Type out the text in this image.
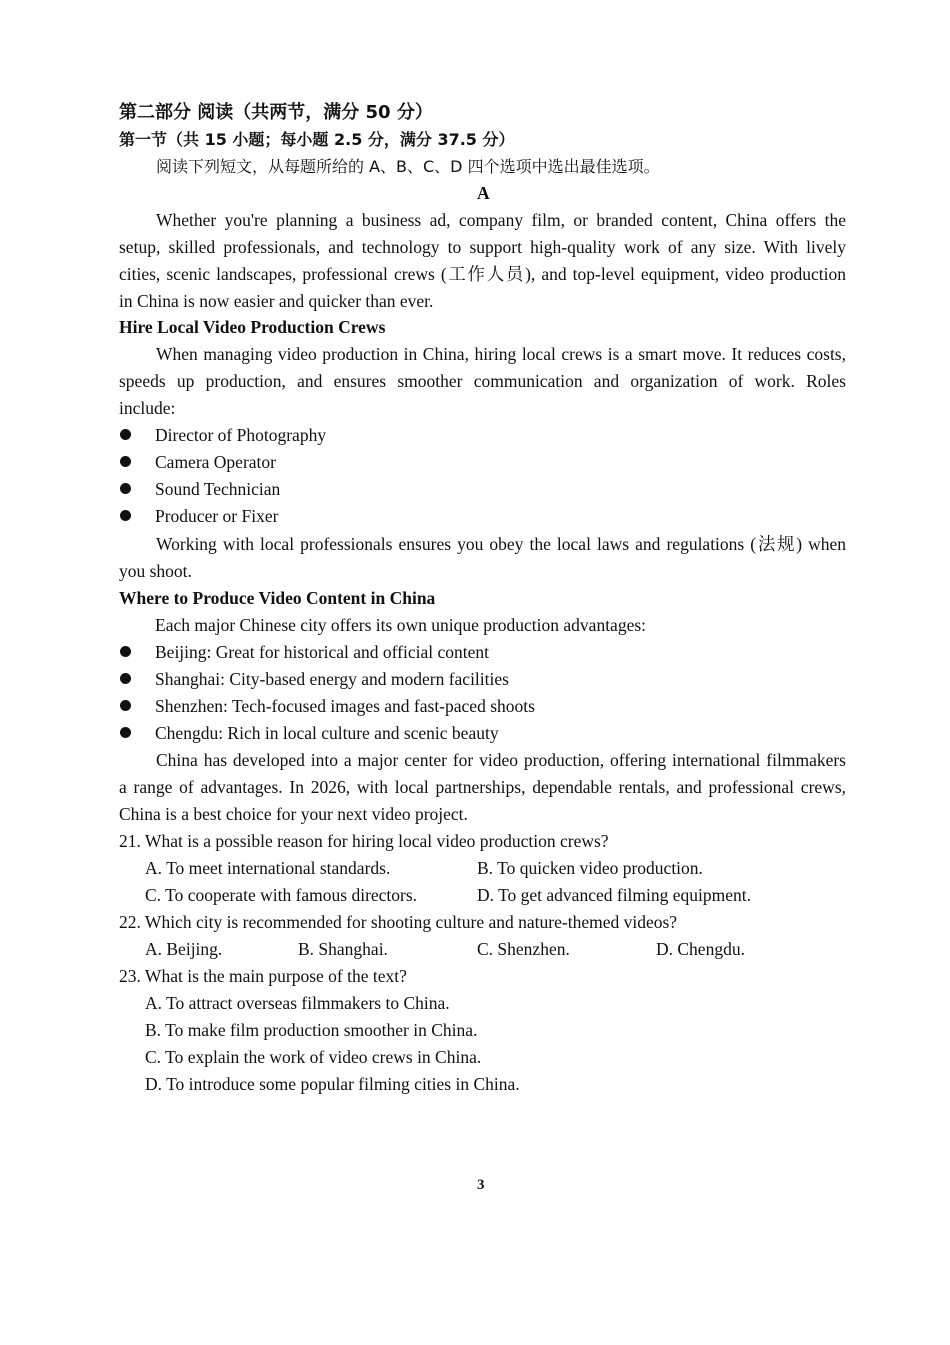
第二部分 阅读（共两节，满分 50 分）
第一节（共 15 小题；每小题 2.5 分，满分 37.5 分）
阅读下列短文，从每题所给的 A、B、C、D 四个选项中选出最佳选项。
A
Whether you're planning a business ad, company film, or branded content, China offers the
setup, skilled professionals, and technology to support high-quality work of any size. With lively
cities, scenic landscapes, professional crews (工作人员), and top-level equipment, video production
in China is now easier and quicker than ever.
Hire Local Video Production Crews
When managing video production in China, hiring local crews is a smart move. It reduces costs,
speeds up production, and ensures smoother communication and organization of work. Roles
include:
Director of Photography
Camera Operator
Sound Technician
Producer or Fixer
Working with local professionals ensures you obey the local laws and regulations (法规) when
you shoot.
Where to Produce Video Content in China
Each major Chinese city offers its own unique production advantages:
Beijing: Great for historical and official content
Shanghai: City-based energy and modern facilities
Shenzhen: Tech-focused images and fast-paced shoots
Chengdu: Rich in local culture and scenic beauty
China has developed into a major center for video production, offering international filmmakers
a range of advantages. In 2026, with local partnerships, dependable rentals, and professional crews,
China is a best choice for your next video project.
21. What is a possible reason for hiring local video production crews?
A. To meet international standards.	B. To quicken video production.
C. To cooperate with famous directors.	D. To get advanced filming equipment.
22. Which city is recommended for shooting culture and nature-themed videos?
A. Beijing.	B. Shanghai.	C. Shenzhen.	D. Chengdu.
23. What is the main purpose of the text?
A. To attract overseas filmmakers to China.
B. To make film production smoother in China.
C. To explain the work of video crews in China.
D. To introduce some popular filming cities in China.
3
